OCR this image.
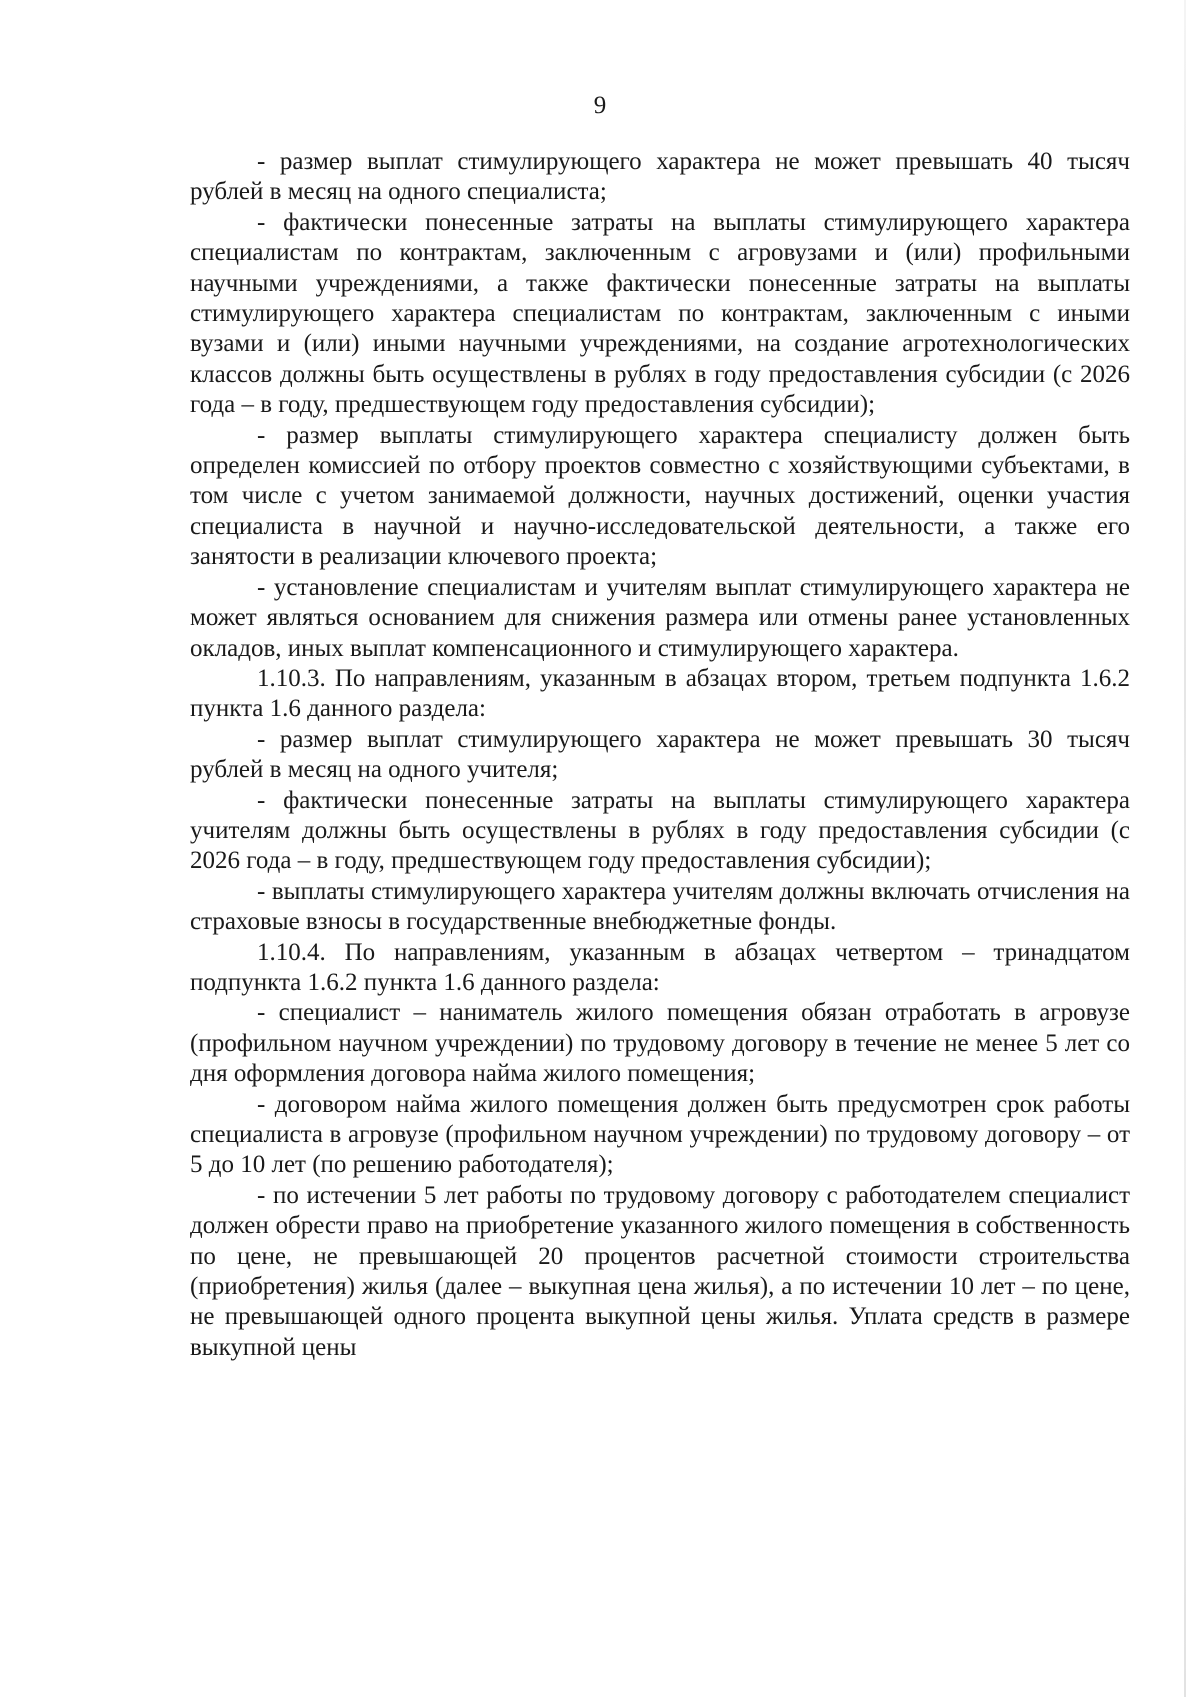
9

- размер выплат стимулирующего характера не может превышать 40 тысяч рублей в месяц на одного специалиста;

- фактически понесенные затраты на выплаты стимулирующего характера специалистам по контрактам, заключенным с агровузами и (или) профильными научными учреждениями, а также фактически понесенные затраты на выплаты стимулирующего характера специалистам по контрактам, заключенным с иными вузами и (или) иными научными учреждениями, на создание агротехнологических классов должны быть осуществлены в рублях в году предоставления субсидии (с 2026 года – в году, предшествующем году предоставления субсидии);

- размер выплаты стимулирующего характера специалисту должен быть определен комиссией по отбору проектов совместно с хозяйствующими субъектами, в том числе с учетом занимаемой должности, научных достижений, оценки участия специалиста в научной и научно-исследовательской деятельности, а также его занятости в реализации ключевого проекта;

- установление специалистам и учителям выплат стимулирующего характера не может являться основанием для снижения размера или отмены ранее установленных окладов, иных выплат компенсационного и стимулирующего характера.

1.10.3. По направлениям, указанным в абзацах втором, третьем подпункта 1.6.2 пункта 1.6 данного раздела:

- размер выплат стимулирующего характера не может превышать 30 тысяч рублей в месяц на одного учителя;

- фактически понесенные затраты на выплаты стимулирующего характера учителям должны быть осуществлены в рублях в году предоставления субсидии (с 2026 года – в году, предшествующем году предоставления субсидии);

- выплаты стимулирующего характера учителям должны включать отчисления на страховые взносы в государственные внебюджетные фонды.

1.10.4. По направлениям, указанным в абзацах четвертом – тринадцатом подпункта 1.6.2 пункта 1.6 данного раздела:

- специалист – наниматель жилого помещения обязан отработать в агровузе (профильном научном учреждении) по трудовому договору в течение не менее 5 лет со дня оформления договора найма жилого помещения;

- договором найма жилого помещения должен быть предусмотрен срок работы специалиста в агровузе (профильном научном учреждении) по трудовому договору – от 5 до 10 лет (по решению работодателя);

- по истечении 5 лет работы по трудовому договору с работодателем специалист должен обрести право на приобретение указанного жилого помещения в собственность по цене, не превышающей 20 процентов расчетной стоимости строительства (приобретения) жилья (далее – выкупная цена жилья), а по истечении 10 лет – по цене, не превышающей одного процента выкупной цены жилья. Уплата средств в размере выкупной цены
